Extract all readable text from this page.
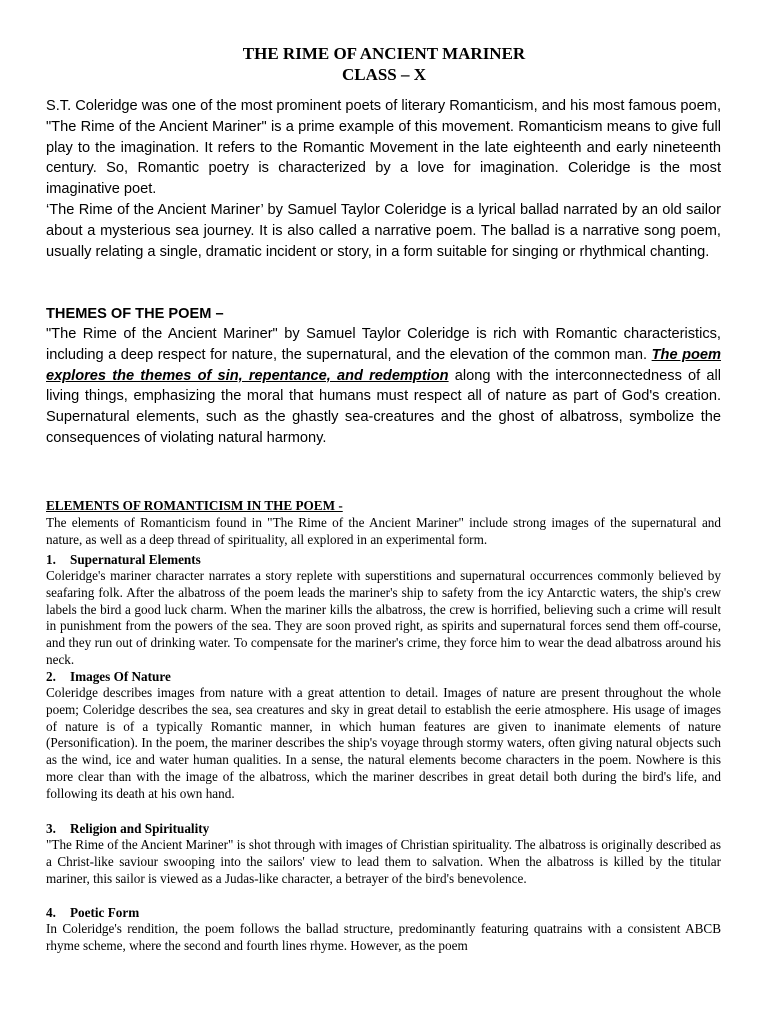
THE RIME OF ANCIENT MARINER
CLASS – X

S.T. Coleridge was one of the most prominent poets of literary Romanticism, and his most famous poem, "The Rime of the Ancient Mariner" is a prime example of this movement. Romanticism means to give full play to the imagination. It refers to the Romantic Movement in the late eighteenth and early nineteenth century. So, Romantic poetry is characterized by a love for imagination. Coleridge is the most imaginative poet.

‘The Rime of the Ancient Mariner’ by Samuel Taylor Coleridge is a lyrical ballad narrated by an old sailor about a mysterious sea journey. It is also called a narrative poem. The ballad is a narrative song poem, usually relating a single, dramatic incident or story, in a form suitable for singing or rhythmical chanting.

THEMES OF THE POEM –

"The Rime of the Ancient Mariner" by Samuel Taylor Coleridge is rich with Romantic characteristics, including a deep respect for nature, the supernatural, and the elevation of the common man. The poem explores the themes of sin, repentance, and redemption along with the interconnectedness of all living things, emphasizing the moral that humans must respect all of nature as part of God's creation. Supernatural elements, such as the ghastly sea-creatures and the ghost of albatross, symbolize the consequences of violating natural harmony.

ELEMENTS OF ROMANTICISM IN THE POEM -

The elements of Romanticism found in "The Rime of the Ancient Mariner" include strong images of the supernatural and nature, as well as a deep thread of spirituality, all explored in an experimental form.

1. Supernatural Elements

Coleridge's mariner character narrates a story replete with superstitions and supernatural occurrences commonly believed by seafaring folk. After the albatross of the poem leads the mariner's ship to safety from the icy Antarctic waters, the ship's crew labels the bird a good luck charm. When the mariner kills the albatross, the crew is horrified, believing such a crime will result in punishment from the powers of the sea. They are soon proved right, as spirits and supernatural forces send them off-course, and they run out of drinking water. To compensate for the mariner's crime, they force him to wear the dead albatross around his neck.

2. Images Of Nature

Coleridge describes images from nature with a great attention to detail. Images of nature are present throughout the whole poem; Coleridge describes the sea, sea creatures and sky in great detail to establish the eerie atmosphere. His usage of images of nature is of a typically Romantic manner, in which human features are given to inanimate elements of nature (Personification). In the poem, the mariner describes the ship's voyage through stormy waters, often giving natural objects such as the wind, ice and water human qualities. In a sense, the natural elements become characters in the poem. Nowhere is this more clear than with the image of the albatross, which the mariner describes in great detail both during the bird's life, and following its death at his own hand.

3. Religion and Spirituality

"The Rime of the Ancient Mariner" is shot through with images of Christian spirituality. The albatross is originally described as a Christ-like saviour swooping into the sailors' view to lead them to salvation. When the albatross is killed by the titular mariner, this sailor is viewed as a Judas-like character, a betrayer of the bird's benevolence.

4. Poetic Form

In Coleridge's rendition, the poem follows the ballad structure, predominantly featuring quatrains with a consistent ABCB rhyme scheme, where the second and fourth lines rhyme. However, as the poem
